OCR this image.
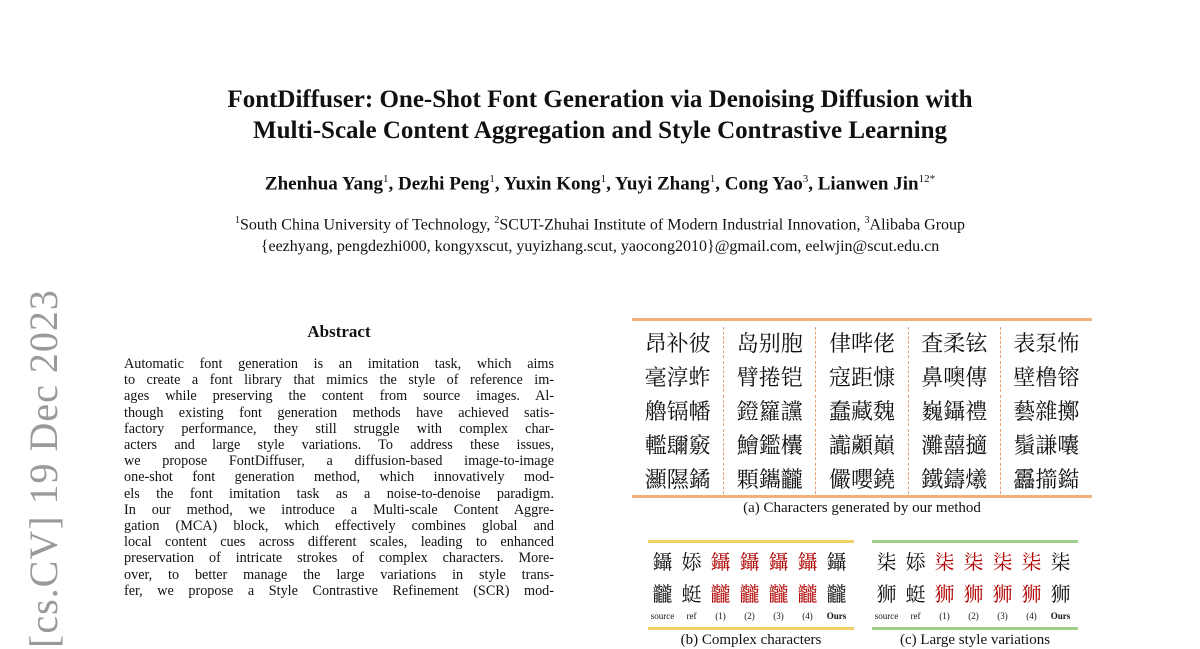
FontDiffuser: One-Shot Font Generation via Denoising Diffusion with
Multi-Scale Content Aggregation and Style Contrastive Learning
Zhenhua Yang$^1$, Dezhi Peng$^1$, Yuxin Kong$^1$, Yuyi Zhang$^1$, Cong Yao$^3$, Lianwen Jin$^{12*}$
$^1$South China University of Technology, $^2$SCUT-Zhuhai Institute of Modern Industrial Innovation, $^3$Alibaba Group
{eezhyang, pengdezhi000, kongyxscut, yuyizhang.scut, yaocong2010}@gmail.com, eelwjin@scut.edu.cn
[cs.CV] 19 Dec 2023	Abstract
Automatic font generation is an imitation task, which aims
to create a font library that mimics the style of reference im-
ages while preserving the content from source images. Al-
though existing font generation methods have achieved satis-
factory performance, they still struggle with complex char-
acters and large style variations. To address these issues,
we propose FontDiffuser, a diffusion-based image-to-image
one-shot font generation method, which innovatively mod-
els the font imitation task as a noise-to-denoise paradigm.
In our method, we introduce a Multi-scale Content Aggre-
gation (MCA) block, which effectively combines global and
local content cues across different scales, leading to enhanced
preservation of intricate strokes of complex characters. More-
over, to better manage the large variations in style trans-
fer, we propose a Style Contrastive Refinement (SCR) mod-
昂补彼	岛别胞	侓哔佬	査柔铉	表泵怖
毫淳蚱	臂捲铠	寇距慷	鼻噢傳	壁橹镕
艪镉幡	鐙籮讜	蠢藏魏	巍鑷禮	藝雜擲
轞镾竅	鱠鑑欜	讟顪巔	灘囍擿	鬚謙囔
灦隰鐍	顆鑴龖	儼嚶鐃	鐵鑄爔	靐擶鐑
(a) Characters generated by our method
鑷 婖 鑷 鑷 鑷 鑷 鑷
龖 蜓 龖 龖 龖 龖 龖
source	ref	(1)	(2)	(3)	(4)	Ours
(b) Complex characters
柒 婖 柒 柒 柒 柒 柒
狮 蜓 狮 狮 狮 狮 狮
source	ref	(1)	(2)	(3)	(4)	Ours
(c) Large style variations
